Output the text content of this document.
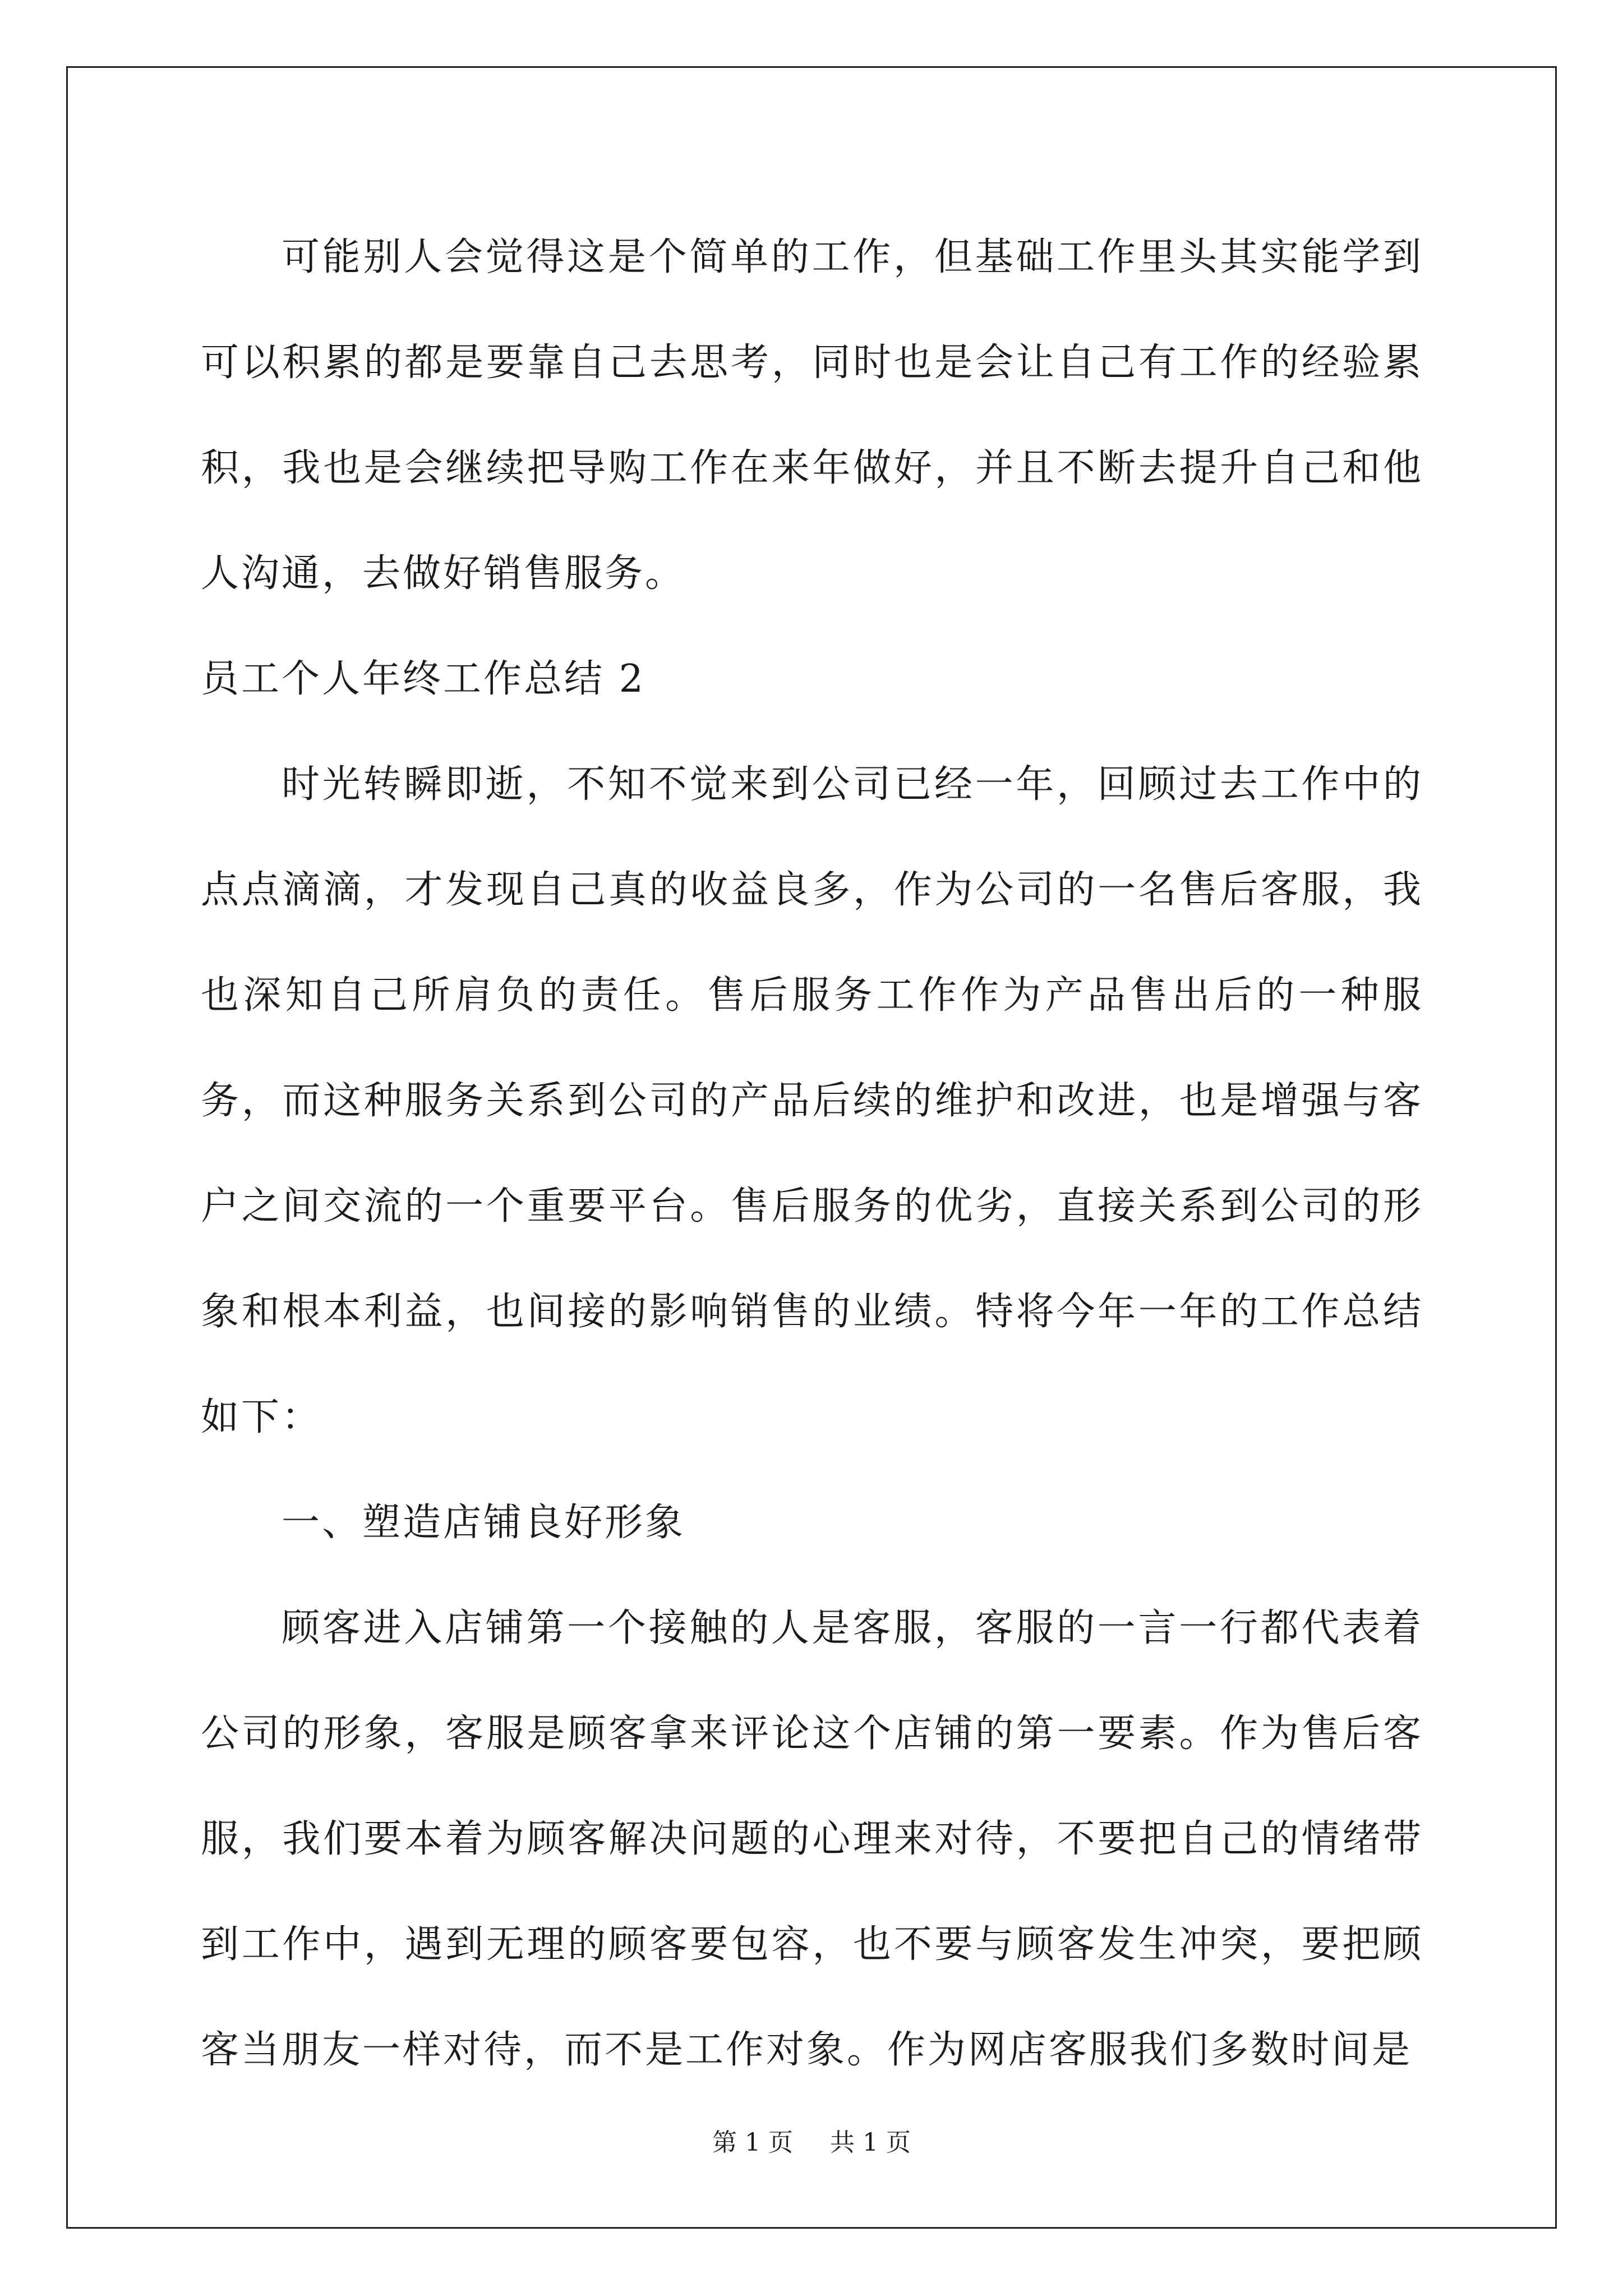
可能别人会觉得这是个简单的工作，但基础工作里头其实能学到可以积累的都是要靠自己去思考，同时也是会让自己有工作的经验累积，我也是会继续把导购工作在来年做好，并且不断去提升自己和他人沟通，去做好销售服务。

员工个人年终工作总结 2

时光转瞬即逝，不知不觉来到公司已经一年，回顾过去工作中的点点滴滴，才发现自己真的收益良多，作为公司的一名售后客服，我也深知自己所肩负的责任。售后服务工作作为产品售出后的一种服务，而这种服务关系到公司的产品后续的维护和改进，也是增强与客户之间交流的一个重要平台。售后服务的优劣，直接关系到公司的形象和根本利益，也间接的影响销售的业绩。特将今年一年的工作总结如下：

一、塑造店铺良好形象

顾客进入店铺第一个接触的人是客服，客服的一言一行都代表着公司的形象，客服是顾客拿来评论这个店铺的第一要素。作为售后客服，我们要本着为顾客解决问题的心理来对待，不要把自己的情绪带到工作中，遇到无理的顾客要包容，也不要与顾客发生冲突，要把顾客当朋友一样对待，而不是工作对象。作为网店客服我们多数时间是

第 1 页 共 1 页
